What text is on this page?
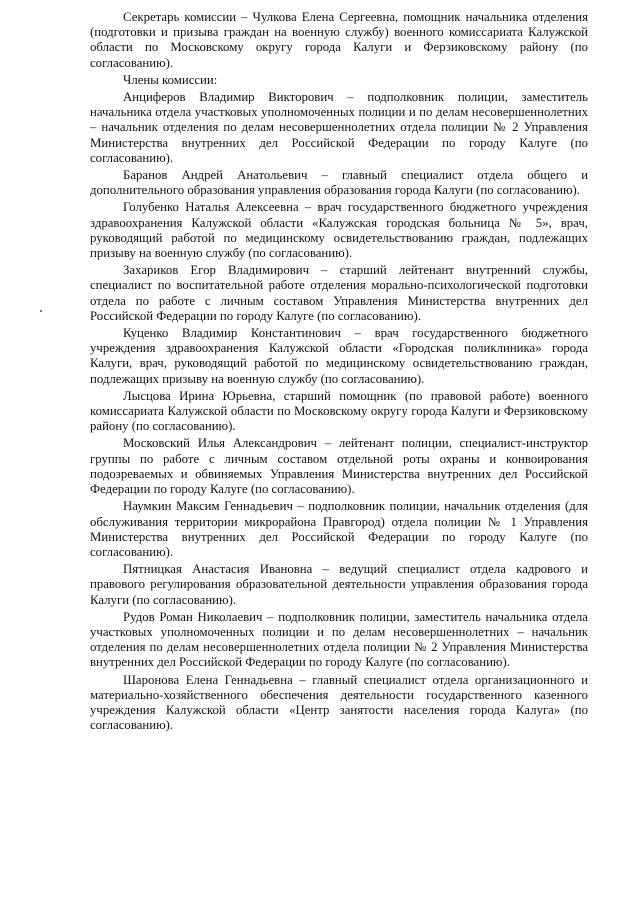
Секретарь комиссии – Чулкова Елена Сергеевна, помощник начальника отделения (подготовки и призыва граждан на военную службу) военного комиссариата Калужской области по Московскому округу города Калуги и Ферзиковскому району (по согласованию).

Члены комиссии:

Анциферов Владимир Викторович – подполковник полиции, заместитель начальника отдела участковых уполномоченных полиции и по делам несовершеннолетних – начальник отделения по делам несовершеннолетних отдела полиции № 2 Управления Министерства внутренних дел Российской Федерации по городу Калуге (по согласованию).

Баранов Андрей Анатольевич – главный специалист отдела общего и дополнительного образования управления образования города Калуги (по согласованию).

Голубенко Наталья Алексеевна – врач государственного бюджетного учреждения здравоохранения Калужской области «Калужская городская больница № 5», врач, руководящий работой по медицинскому освидетельствованию граждан, подлежащих призыву на военную службу (по согласованию).

Захариков Егор Владимирович – старший лейтенант внутренний службы, специалист по воспитательной работе отделения морально-психологической подготовки отдела по работе с личным составом Управления Министерства внутренних дел Российской Федерации по городу Калуге (по согласованию).

Куценко Владимир Константинович – врач государственного бюджетного учреждения здравоохранения Калужской области «Городская поликлиника» города Калуги, врач, руководящий работой по медицинскому освидетельствованию граждан, подлежащих призыву на военную службу (по согласованию).

Лысцова Ирина Юрьевна, старший помощник (по правовой работе) военного комиссариата Калужской области по Московскому округу города Калуги и Ферзиковскому району (по согласованию).

Московский Илья Александрович – лейтенант полиции, специалист-инструктор группы по работе с личным составом отдельной роты охраны и конвоирования подозреваемых и обвиняемых Управления Министерства внутренних дел Российской Федерации по городу Калуге (по согласованию).

Наумкин Максим Геннадьевич – подполковник полиции, начальник отделения (для обслуживания территории микрорайона Правгород) отдела полиции № 1 Управления Министерства внутренних дел Российской Федерации по городу Калуге (по согласованию).

Пятницкая Анастасия Ивановна – ведущий специалист отдела кадрового и правового регулирования образовательной деятельности управления образования города Калуги (по согласованию).

Рудов Роман Николаевич – подполковник полиции, заместитель начальника отдела участковых уполномоченных полиции и по делам несовершеннолетних – начальник отделения по делам несовершеннолетних отдела полиции № 2 Управления Министерства внутренних дел Российской Федерации по городу Калуге (по согласованию).

Шаронова Елена Геннадьевна – главный специалист отдела организационного и материально-хозяйственного обеспечения деятельности государственного казенного учреждения Калужской области «Центр занятости населения города Калуга» (по согласованию).
